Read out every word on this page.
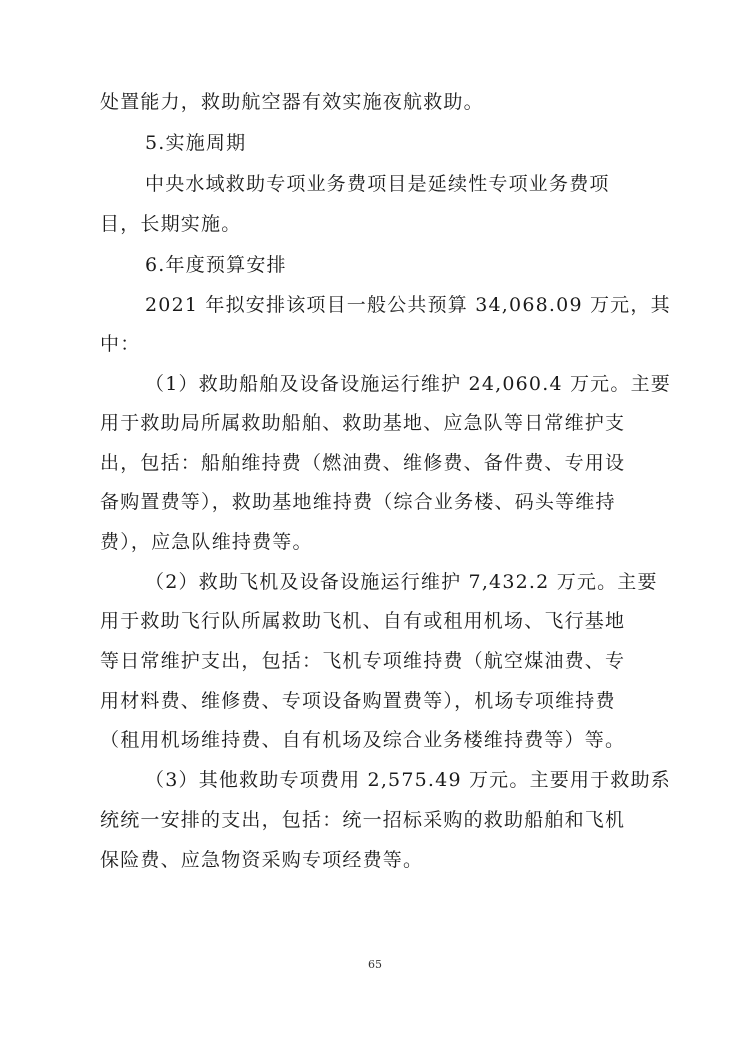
处置能力，救助航空器有效实施夜航救助。
5.实施周期
中央水域救助专项业务费项目是延续性专项业务费项
目，长期实施。
6.年度预算安排
2021 年拟安排该项目一般公共预算 34,068.09 万元，其
中：
（1）救助船舶及设备设施运行维护 24,060.4 万元。主要
用于救助局所属救助船舶、救助基地、应急队等日常维护支
出，包括：船舶维持费（燃油费、维修费、备件费、专用设
备购置费等），救助基地维持费（综合业务楼、码头等维持
费），应急队维持费等。
（2）救助飞机及设备设施运行维护 7,432.2 万元。主要
用于救助飞行队所属救助飞机、自有或租用机场、飞行基地
等日常维护支出，包括：飞机专项维持费（航空煤油费、专
用材料费、维修费、专项设备购置费等），机场专项维持费
（租用机场维持费、自有机场及综合业务楼维持费等）等。
（3）其他救助专项费用 2,575.49 万元。主要用于救助系
统统一安排的支出，包括：统一招标采购的救助船舶和飞机
保险费、应急物资采购专项经费等。
65
